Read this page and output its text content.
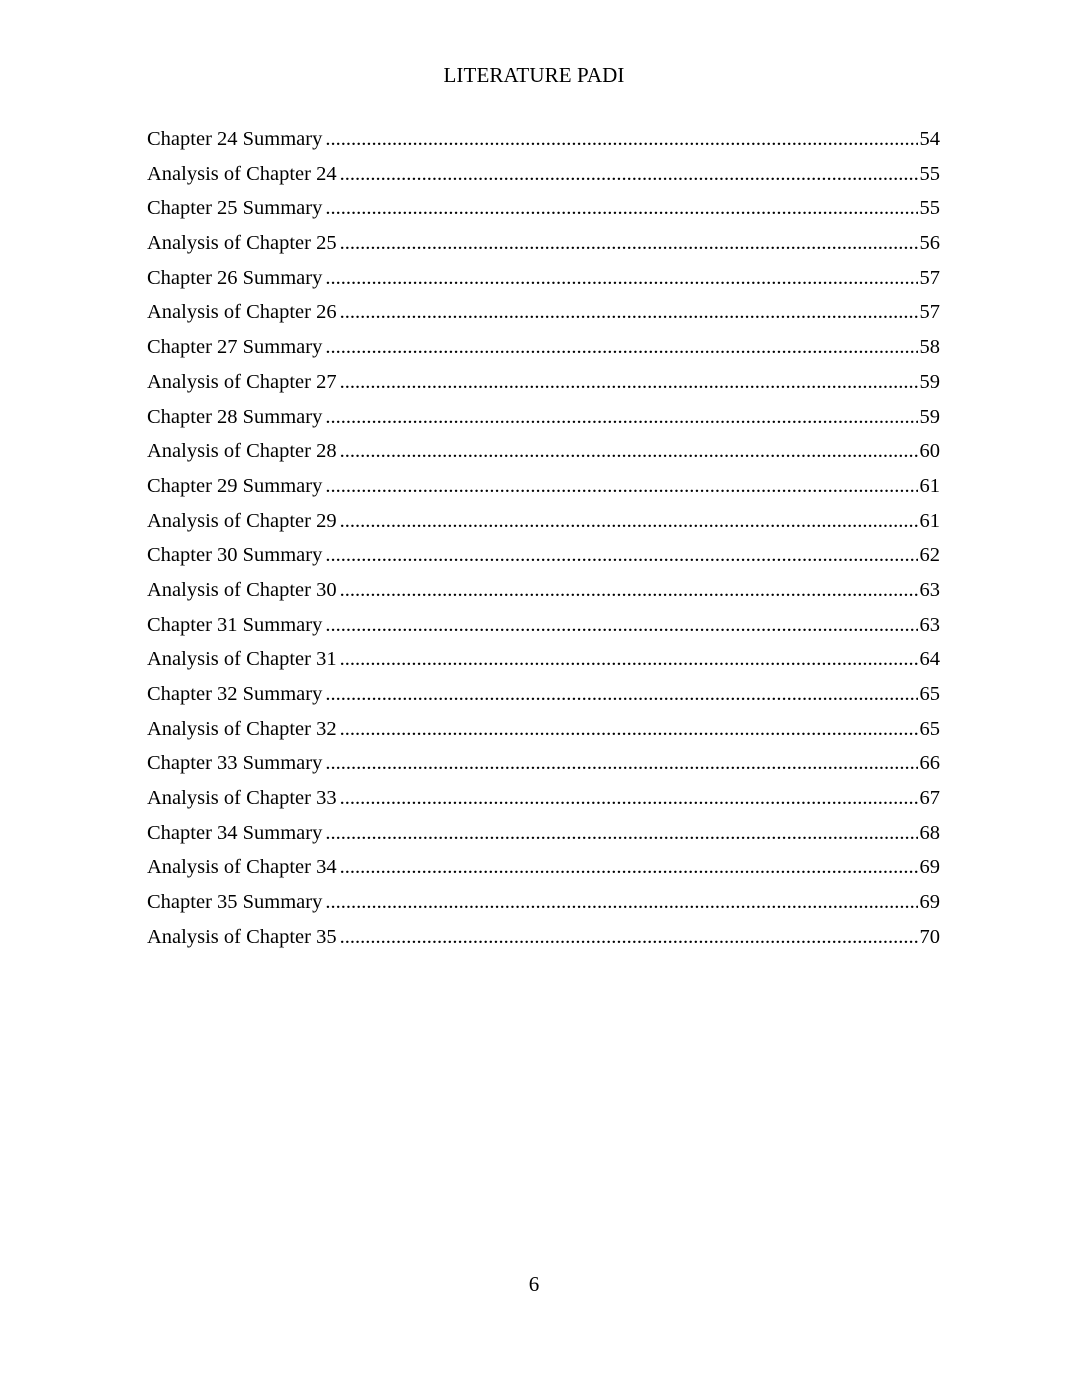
LITERATURE PADI
Chapter 24 Summary .....	54
Analysis of Chapter 24 .....	55
Chapter 25 Summary .....	55
Analysis of Chapter 25 .....	56
Chapter 26 Summary .....	57
Analysis of Chapter 26 .....	57
Chapter 27 Summary .....	58
Analysis of Chapter 27 .....	59
Chapter 28 Summary .....	59
Analysis of Chapter 28 .....	60
Chapter 29 Summary .....	61
Analysis of Chapter 29 .....	61
Chapter 30 Summary .....	62
Analysis of Chapter 30 .....	63
Chapter 31 Summary .....	63
Analysis of Chapter 31 .....	64
Chapter 32 Summary .....	65
Analysis of Chapter 32 .....	65
Chapter 33 Summary .....	66
Analysis of Chapter 33 .....	67
Chapter 34 Summary .....	68
Analysis of Chapter 34 .....	69
Chapter 35 Summary .....	69
Analysis of Chapter 35 .....	70
6
